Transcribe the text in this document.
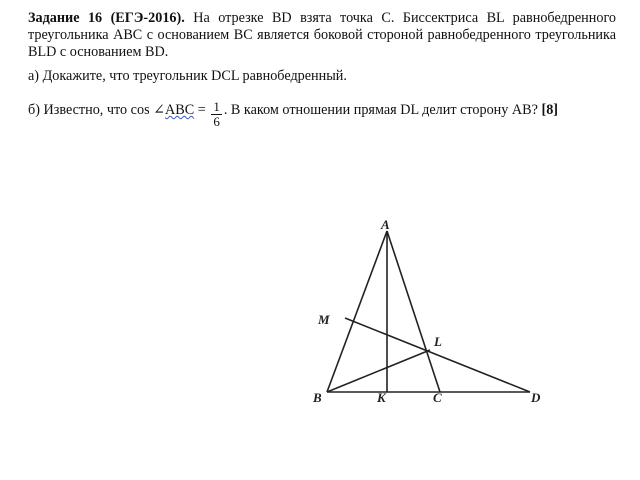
Задание 16 (ЕГЭ-2016). На отрезке BD взята точка C. Биссектриса BL равнобедренного треугольника ABC с основанием BC является боковой стороной равнобедренного треугольника BLD с основанием BD.
а) Докажите, что треугольник DCL равнобедренный.
б) Известно, что cos ∠ABC = $\frac{1}{6}$ . В каком отношении прямая DL делит сторону AB? [8]
A
M
L
B	K	C	D
